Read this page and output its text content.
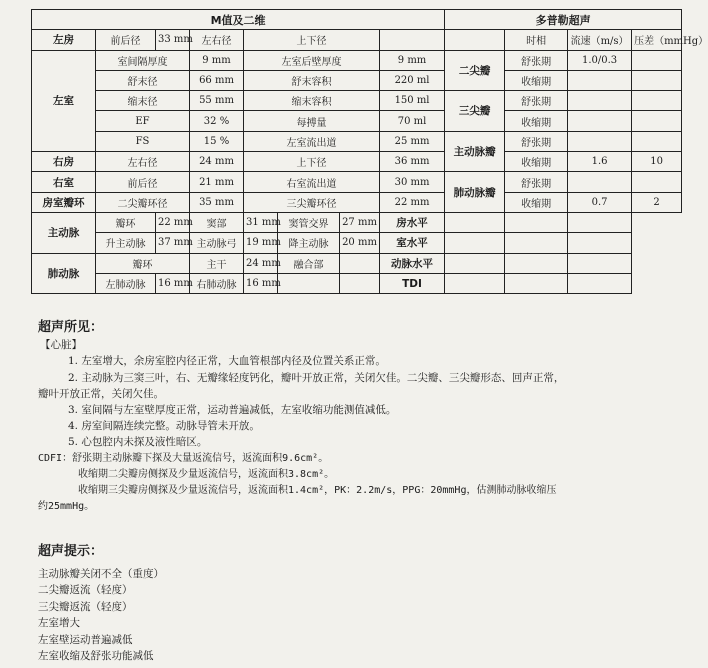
M值及二维								多普勒超声			
左房	前后径	33 mm	左右径	上下径					时相	流速（m/s）	压差（mmHg）
左室	室间隔厚度		9 mm	左室后壁厚度			9 mm	二尖瓣	舒张期	1.0/0.3	
	舒末径		66 mm	舒末容积			220 ml		收缩期		
	缩末径		55 mm	缩末容积			150 ml	三尖瓣	舒张期		
	EF		32 %	每搏量			70 ml		收缩期		
	FS		15 %	左室流出道			25 mm	主动脉瓣	舒张期		
右房	左右径		24 mm	上下径			36 mm		收缩期	1.6	10
右室	前后径		21 mm	右室流出道			30 mm	肺动脉瓣	舒张期		
房室瓣环	二尖瓣环径		35 mm	三尖瓣环径			22 mm		收缩期	0.7	2
主动脉	瓣环	22 mm	窦部	31 mm	窦管交界	27 mm	房水平				
	升主动脉	37 mm	主动脉弓	19 mm	降主动脉	20 mm	室水平				
肺动脉	瓣环		主干	24 mm	融合部		动脉水平				
	左肺动脉	16 mm	右肺动脉	16 mm			TDI				

超声所见：

【心脏】

1. 左室增大，余房室腔内径正常，大血管根部内径及位置关系正常。

2. 主动脉为三窦三叶，右、无瓣缘轻度钙化，瓣叶开放正常，关闭欠佳。二尖瓣、三尖瓣形态、回声正常，

瓣叶开放正常，关闭欠佳。

3. 室间隔与左室壁厚度正常，运动普遍减低，左室收缩功能测值减低。

4. 房室间隔连续完整。动脉导管未开放。

5. 心包腔内未探及液性暗区。

CDFI：舒张期主动脉瓣下探及大量返流信号，返流面积9.6cm²。

收缩期二尖瓣房侧探及少量返流信号，返流面积3.8cm²。

收缩期三尖瓣房侧探及少量返流信号，返流面积1.4cm²，PK：2.2m/s，PPG：20mmHg，估测肺动脉收缩压

约25mmHg。

超声提示：

主动脉瓣关闭不全（重度）

二尖瓣返流（轻度）

三尖瓣返流（轻度）

左室增大

左室壁运动普遍减低

左室收缩及舒张功能减低
